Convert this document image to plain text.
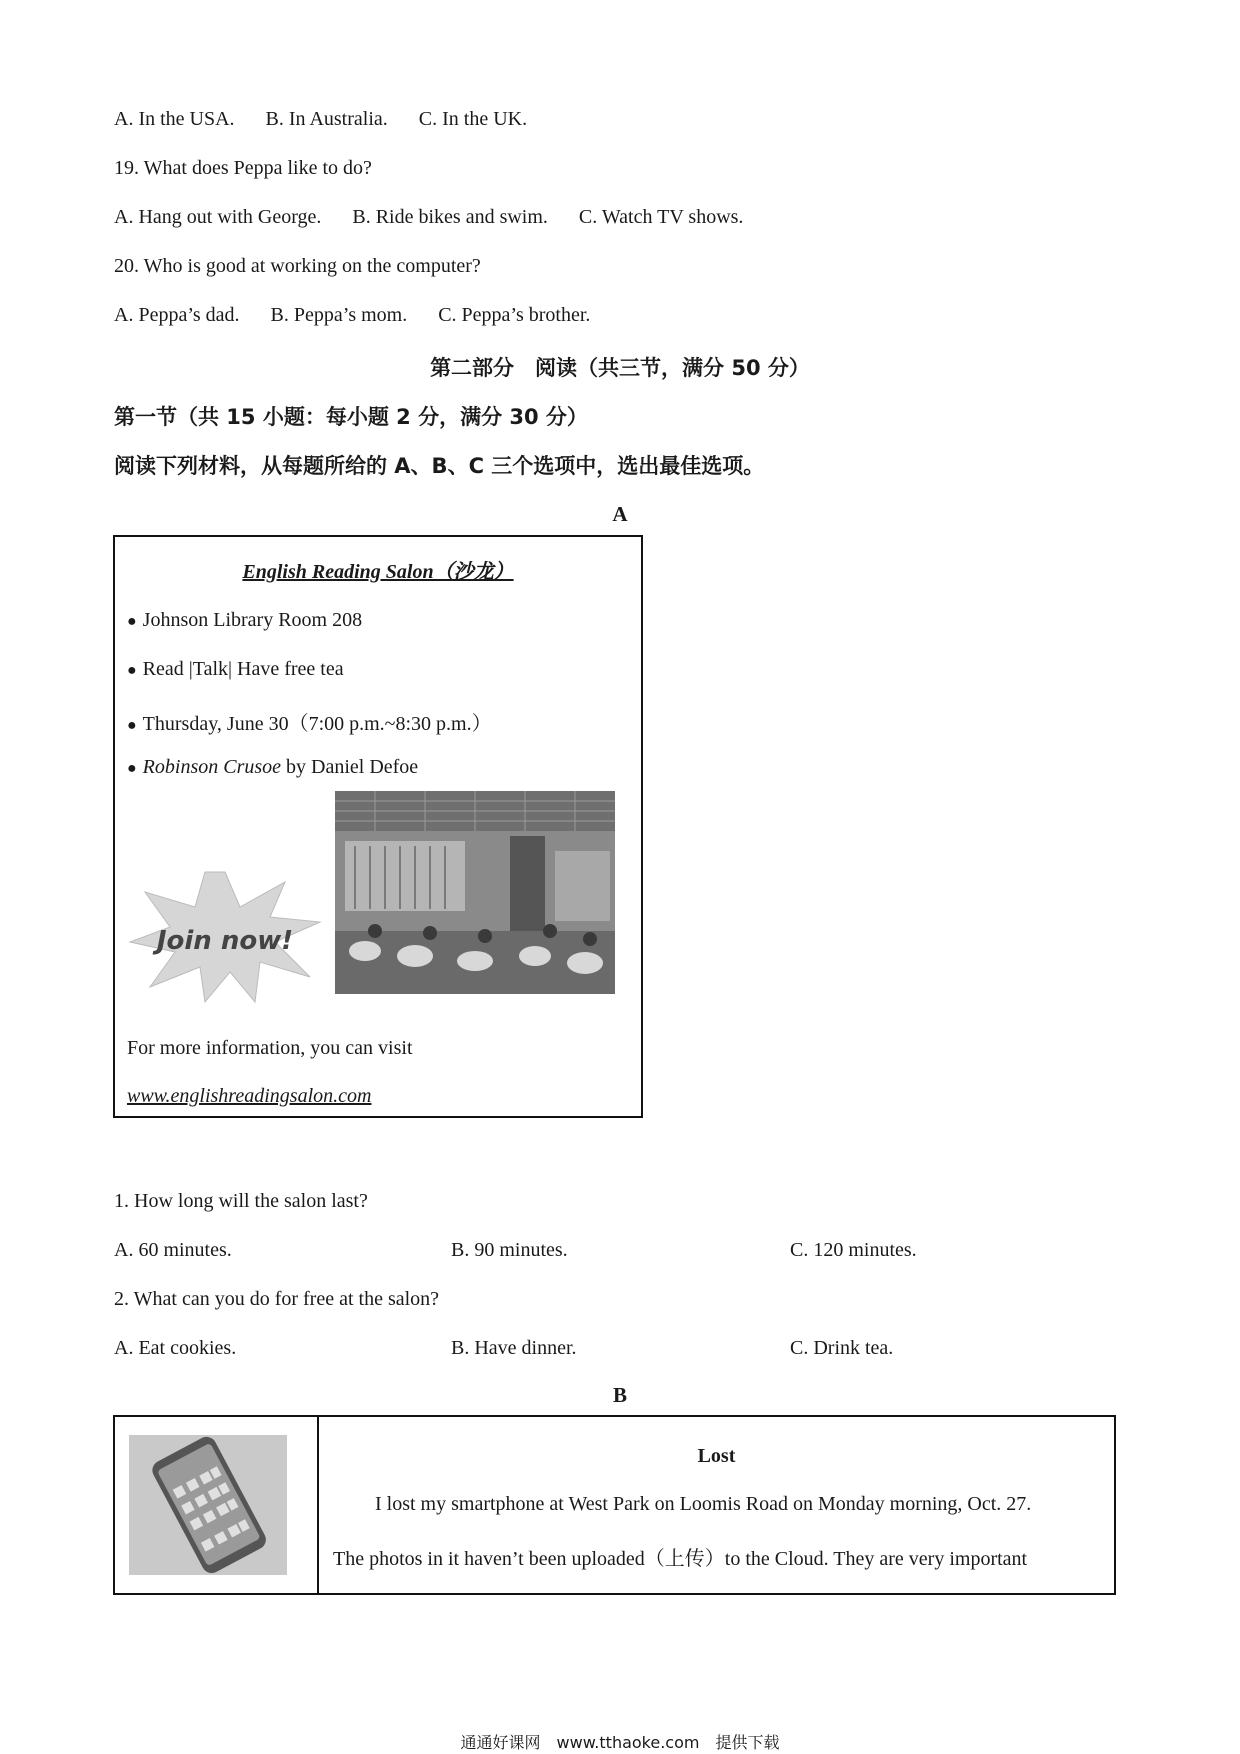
A. In the USA. B. In Australia. C. In the UK.
19. What does Peppa like to do?
A. Hang out with George. B. Ride bikes and swim. C. Watch TV shows.
20. Who is good at working on the computer?
A. Peppa’s dad. B. Peppa’s mom. C. Peppa’s brother.
第二部分　阅读（共三节，满分 50 分）
第一节（共 15 小题：每小题 2 分，满分 30 分）
阅读下列材料，从每题所给的 A、B、C 三个选项中，选出最佳选项。
A
English Reading Salon（沙龙）
● Johnson Library Room 208
● Read |Talk| Have free tea
● Thursday, June 30（7:00 p.m.~8:30 p.m.）
● Robinson Crusoe by Daniel Defoe
Join now!
For more information, you can visit
www.englishreadingsalon.com
1. How long will the salon last?
A. 60 minutes.	B. 90 minutes.	C. 120 minutes.
2. What can you do for free at the salon?
A. Eat cookies.	B. Have dinner.	C. Drink tea.
B
Lost
I lost my smartphone at West Park on Loomis Road on Monday morning, Oct. 27.
The photos in it haven’t been uploaded（上传）to the Cloud. They are very important
通通好课网　www.tthaoke.com　提供下载
